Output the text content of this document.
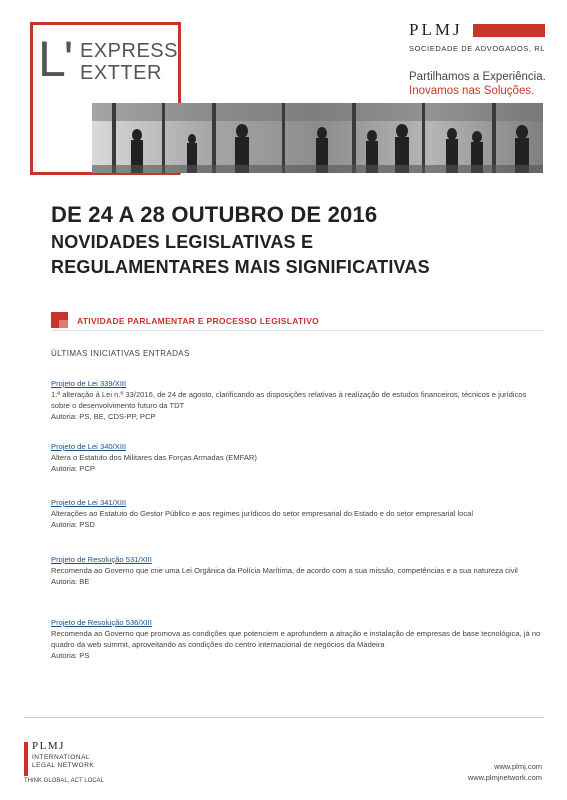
L' EXPRESS
EXTTER
PLMJ
SOCIEDADE DE ADVOGADOS, RL
Partilhamos a Experiência.
Inovamos nas Soluções.
DE 24 A 28 OUTUBRO DE 2016
NOVIDADES LEGISLATIVAS E
REGULAMENTARES MAIS SIGNIFICATIVAS
ATIVIDADE PARLAMENTAR E PROCESSO LEGISLATIVO
ÚLTIMAS INICIATIVAS ENTRADAS
Projeto de Lei 339/XIII
1.ª alteração à Lei n.º 33/2016, de 24 de agosto, clarificando as disposições relativas à realização de estudos financeiros, técnicos e jurídicos sobre o desenvolvimento futuro da TDT
Autoria: PS, BE, CDS-PP, PCP
Projeto de Lei 340/XIII
Altera o Estatuto dos Militares das Forças Armadas (EMFAR)
Autoria: PCP
Projeto de Lei 341/XIII
Alterações ao Estatuto do Gestor Público e aos regimes jurídicos do setor empresarial do Estado e do setor empresarial local
Autoria: PSD
Projeto de Resolução 531/XIII
Recomenda ao Governo que crie uma Lei Orgânica da Polícia Marítima, de acordo com a sua missão, competências e a sua natureza civil
Autoria: BE
Projeto de Resolução 536/XIII
Recomenda ao Governo que promova as condições que potenciem e aprofundem a atração e instalação de empresas de base tecnológica, já no quadro da web summit, aproveitando as condições do centro internacional de negócios da Madeira
Autoria: PS
PLMJ
INTERNATIONAL
LEGAL NETWORK
THINK GLOBAL, ACT LOCAL
www.plmj.com
www.plmjnetwork.com
